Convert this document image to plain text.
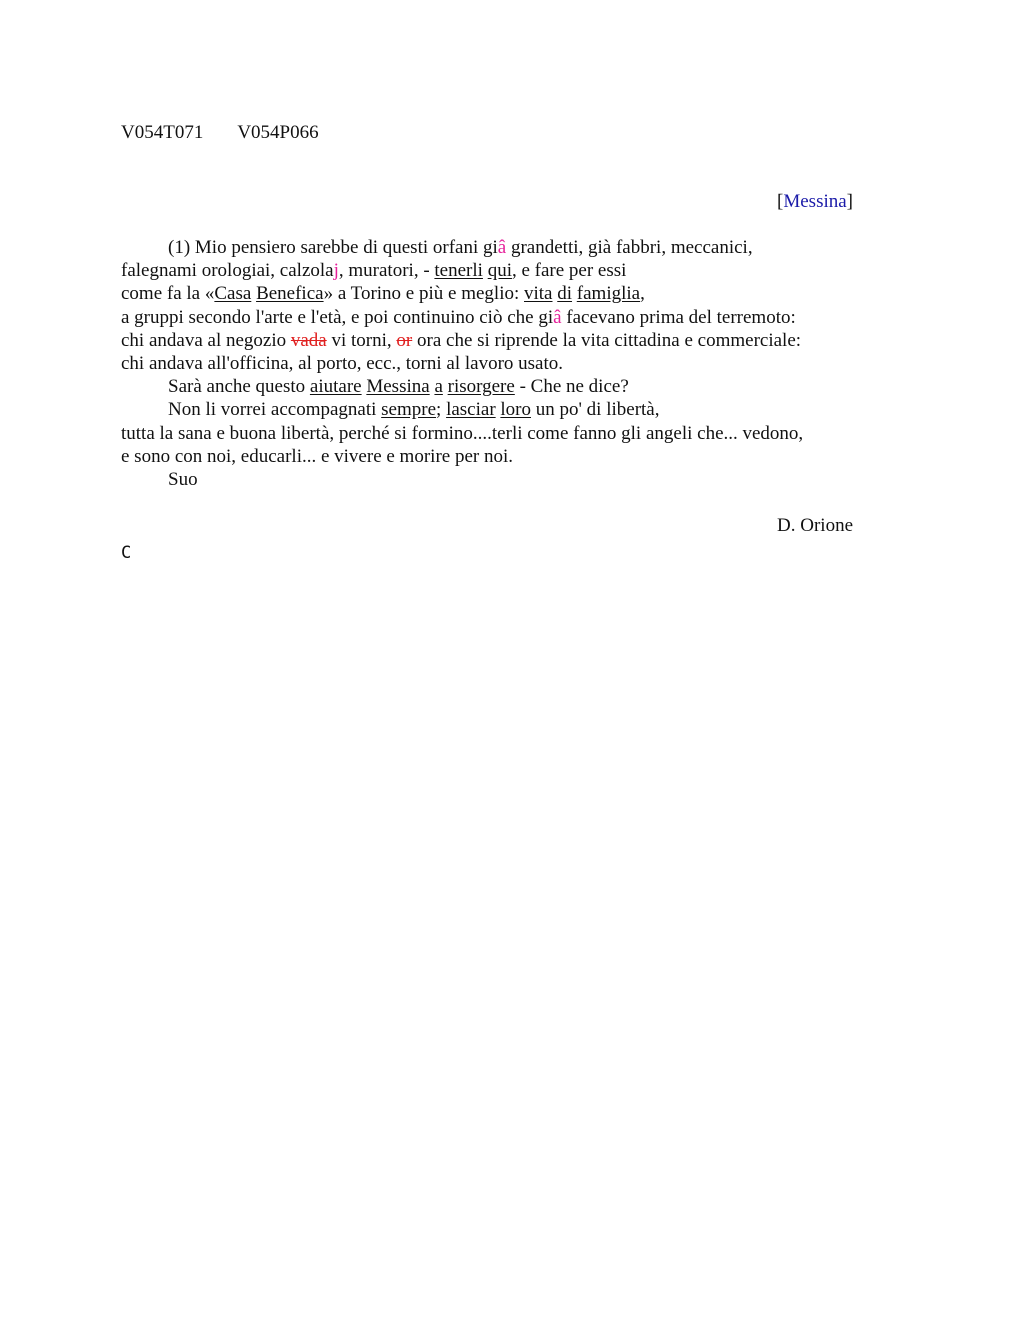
V054T071 V054P066
[Messina]
(1) Mio pensiero sarebbe di questi orfani giâ grandetti, già fabbri, meccanici,
falegnami orologiai, calzolaj, muratori, - tenerli qui, e fare per essi
come fa la «Casa Benefica» a Torino e più e meglio: vita di famiglia,
a gruppi secondo l'arte e l'età, e poi continuino ciò che giâ facevano prima del terremoto:
chi andava al negozio vada vi torni, or ora che si riprende la vita cittadina e commerciale:
chi andava all'officina, al porto, ecc., torni al lavoro usato.
Sarà anche questo aiutare Messina a risorgere - Che ne dice?
Non li vorrei accompagnati sempre; lasciar loro un po' di libertà,
tutta la sana e buona libertà, perché si formino....terli come fanno gli angeli che... vedono,
e sono con noi, educarli... e vivere e morire per noi.
Suo
D. Orione
C
